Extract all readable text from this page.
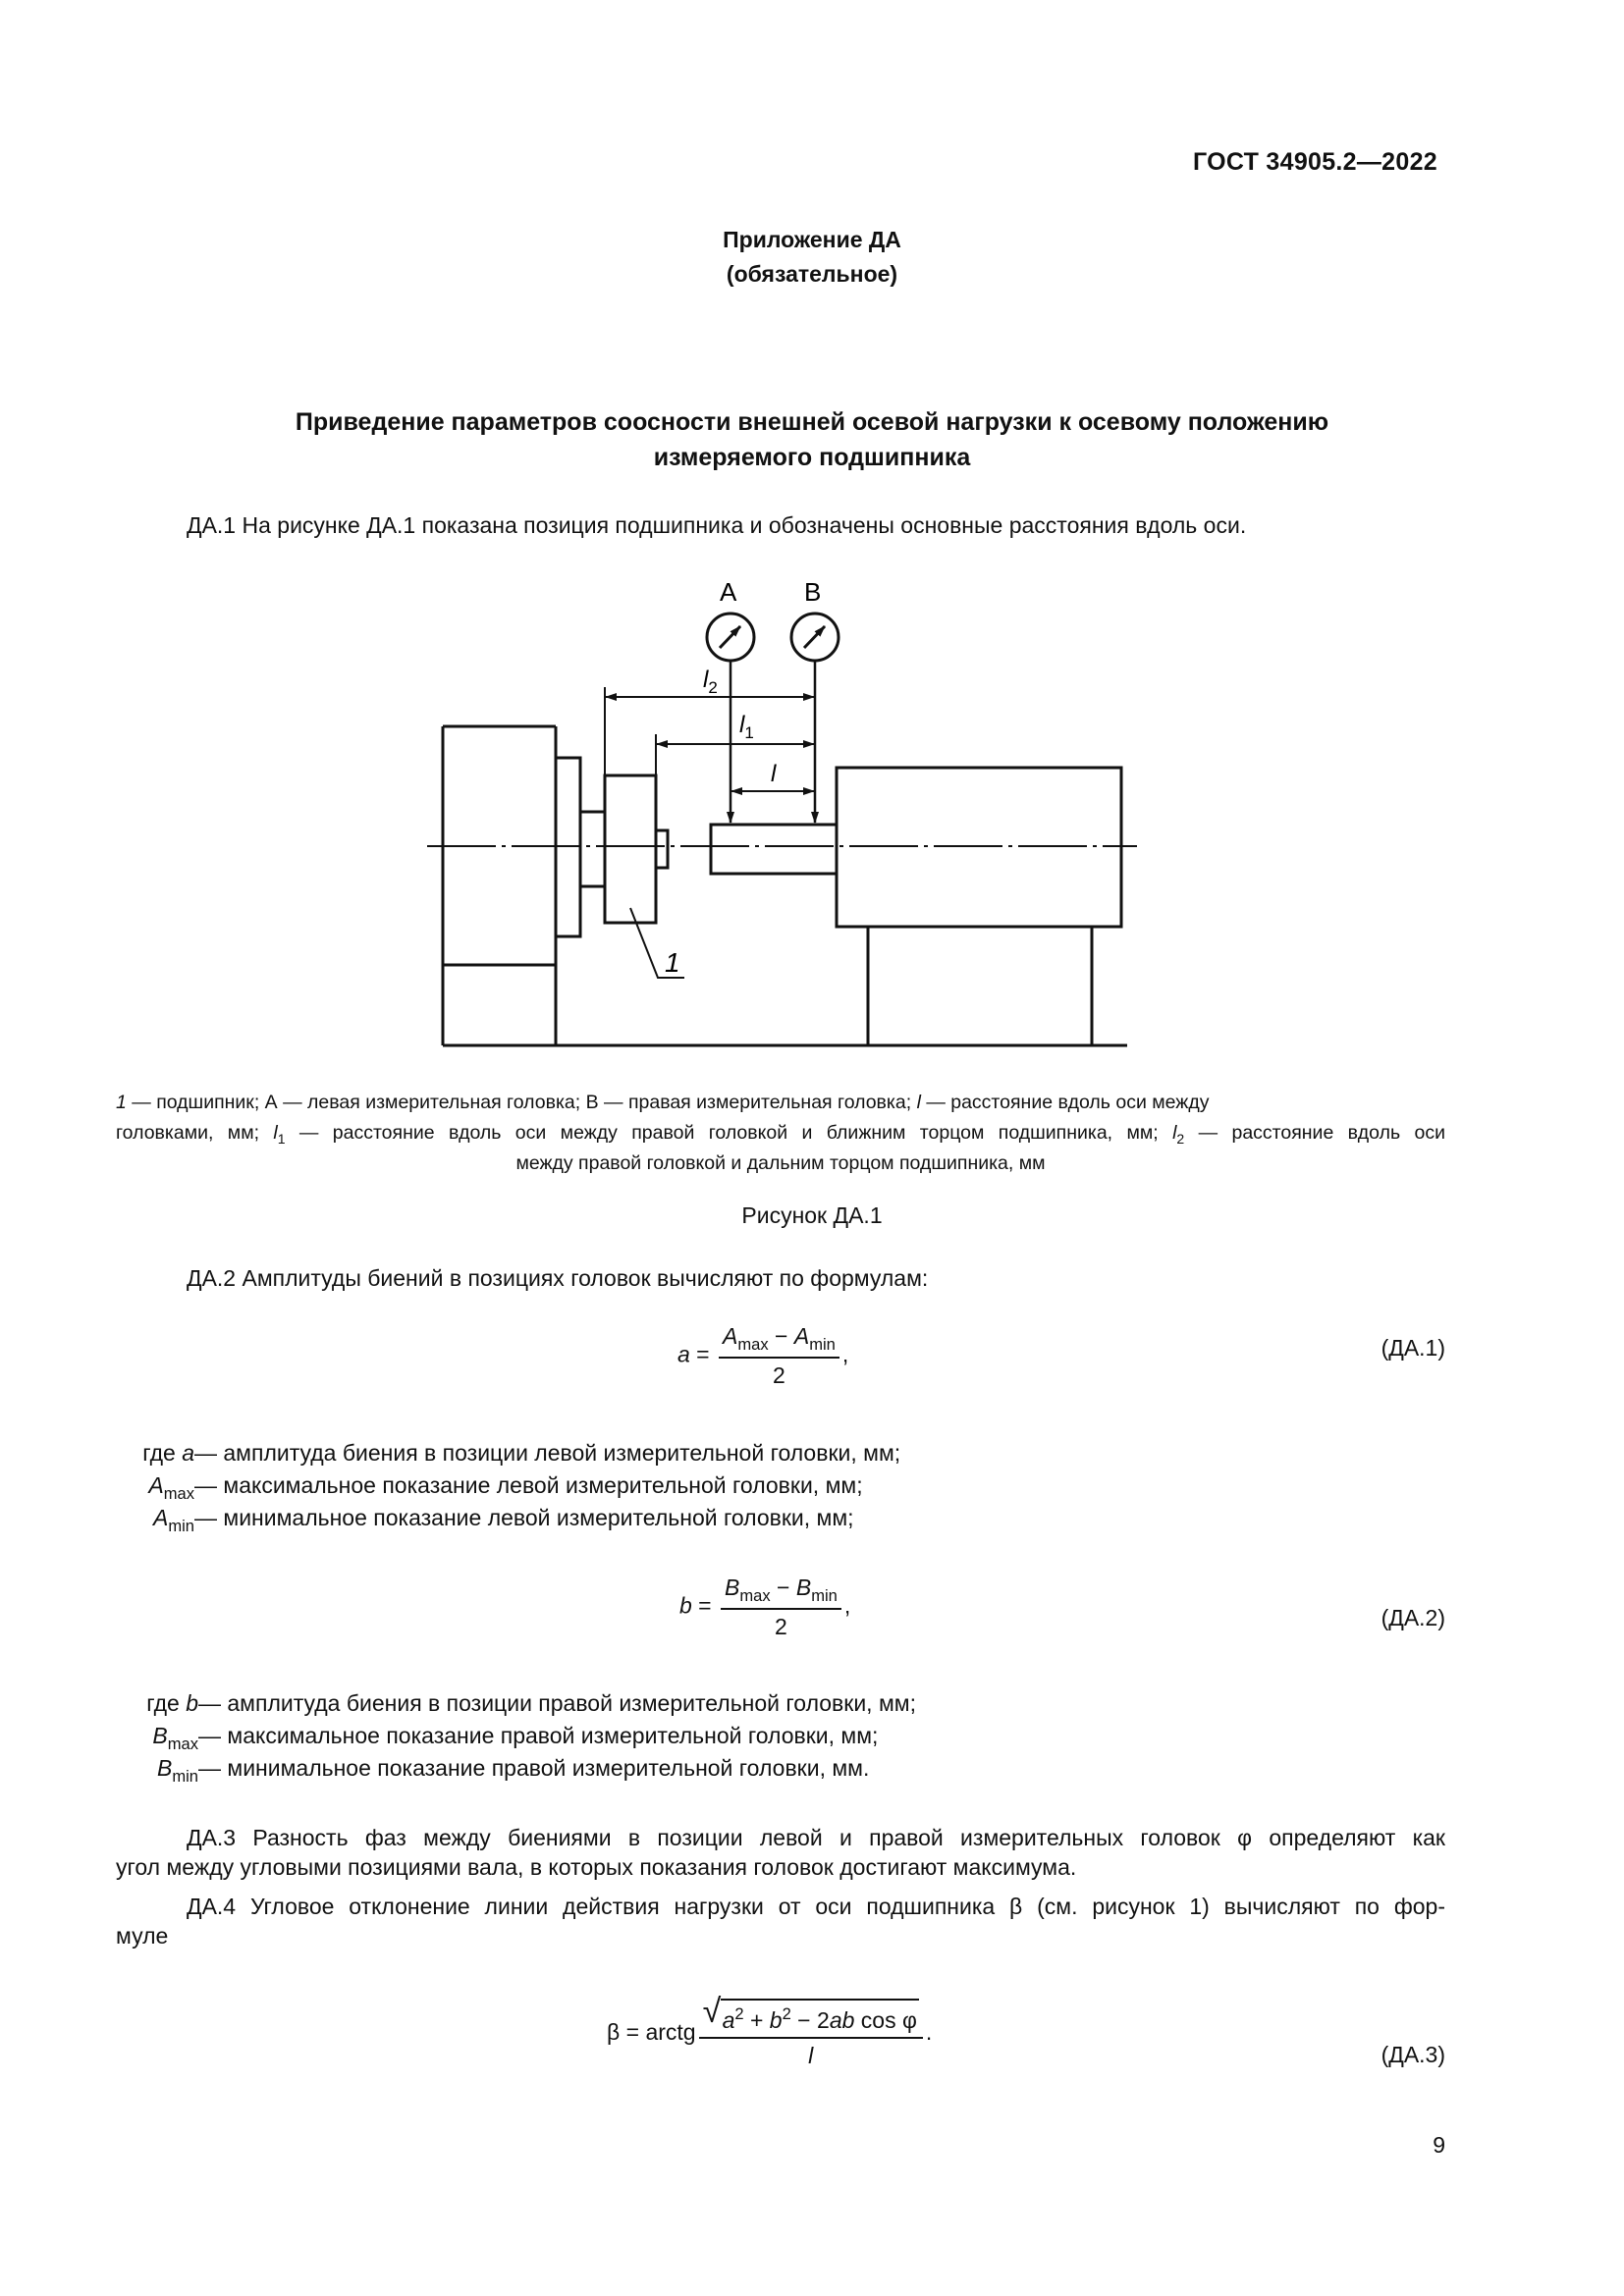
ГОСТ 34905.2—2022
Приложение ДА
(обязательное)
Приведение параметров соосности внешней осевой нагрузки к осевому положению
измеряемого подшипника
ДА.1 На рисунке ДА.1 показана позиция подшипника и обозначены основные расстояния вдоль оси.
А	В
$l_2$
$l_1$
l
1
1 — подшипник; А — левая измерительная головка; В — правая измерительная головка; l — расстояние вдоль оси между
головками, мм; $l_1$ — расстояние вдоль оси между правой головкой и ближним торцом подшипника, мм; $l_2$ — расстояние вдоль оси
между правой головкой и дальним торцом подшипника, мм
Рисунок ДА.1
ДА.2 Амплитуды биений в позициях головок вычисляют по формулам:
$a = \frac{A_{max} - A_{min}}{2}$ ,	(ДА.1)
где a — амплитуда биения в позиции левой измерительной головки, мм;
$A_{max}$ — максимальное показание левой измерительной головки, мм;
$A_{min}$ — минимальное показание левой измерительной головки, мм;
$b = \frac{B_{max} - B_{min}}{2}$ ,	(ДА.2)
где b — амплитуда биения в позиции правой измерительной головки, мм;
$B_{max}$ — максимальное показание правой измерительной головки, мм;
$B_{min}$ — минимальное показание правой измерительной головки, мм.
ДА.3 Разность фаз между биениями в позиции левой и правой измерительных головок φ определяют как
угол между угловыми позициями вала, в которых показания головок достигают максимума.
ДА.4 Угловое отклонение линии действия нагрузки от оси подшипника β (см. рисунок 1) вычисляют по фор-
муле
β = arctg $\frac{√ a^2 + b^2 - 2ab \cos \varphi}{l}$ .
(ДА.3)
9
